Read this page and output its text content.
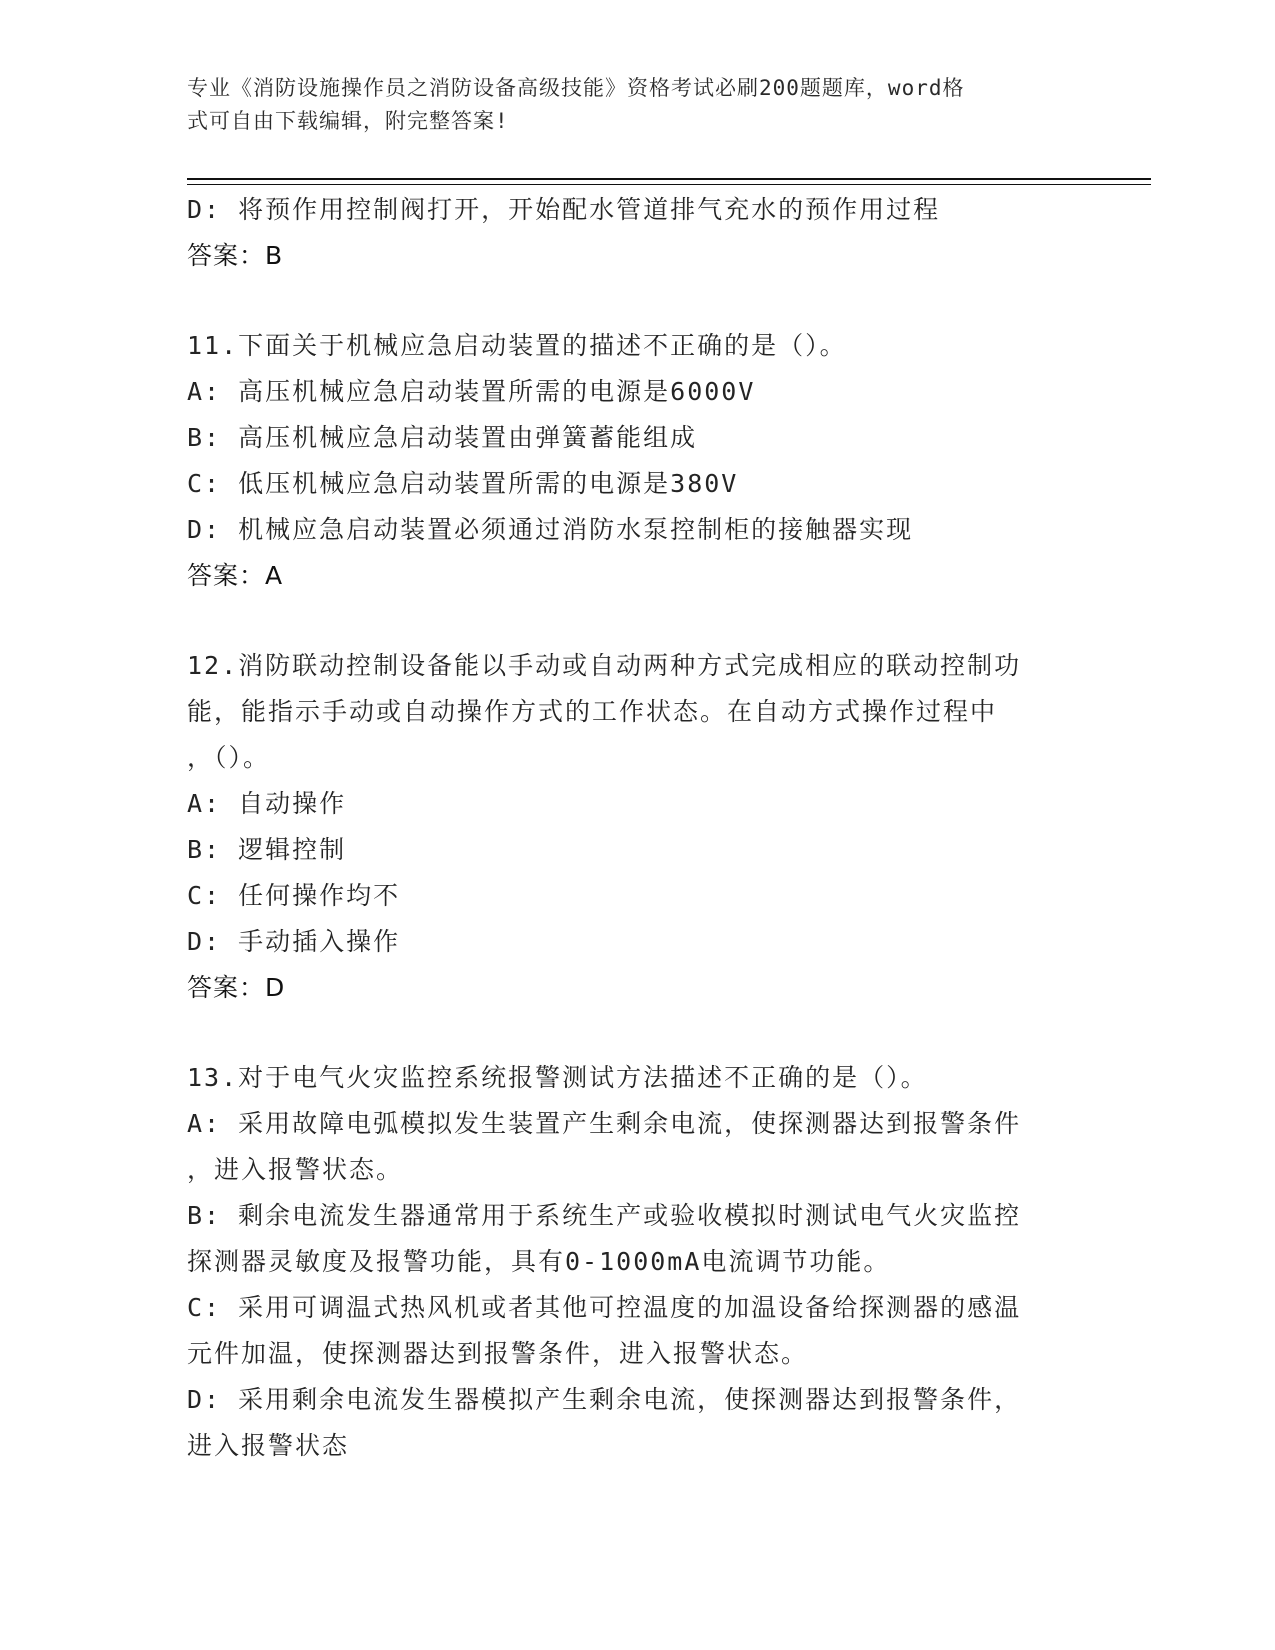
专业《消防设施操作员之消防设备高级技能》资格考试必刷200题题库，word格
式可自由下载编辑，附完整答案!
D: 将预作用控制阀打开，开始配水管道排气充水的预作用过程
答案：B
11.下面关于机械应急启动装置的描述不正确的是（）。
A: 高压机械应急启动装置所需的电源是6000V
B: 高压机械应急启动装置由弹簧蓄能组成
C: 低压机械应急启动装置所需的电源是380V
D: 机械应急启动装置必须通过消防水泵控制柜的接触器实现
答案：A
12.消防联动控制设备能以手动或自动两种方式完成相应的联动控制功
能，能指示手动或自动操作方式的工作状态。在自动方式操作过程中
，（）。
A: 自动操作
B: 逻辑控制
C: 任何操作均不
D: 手动插入操作
答案：D
13.对于电气火灾监控系统报警测试方法描述不正确的是（）。
A: 采用故障电弧模拟发生装置产生剩余电流，使探测器达到报警条件
，进入报警状态。
B: 剩余电流发生器通常用于系统生产或验收模拟时测试电气火灾监控
探测器灵敏度及报警功能，具有0-1000mA电流调节功能。
C: 采用可调温式热风机或者其他可控温度的加温设备给探测器的感温
元件加温，使探测器达到报警条件，进入报警状态。
D: 采用剩余电流发生器模拟产生剩余电流，使探测器达到报警条件，
进入报警状态
